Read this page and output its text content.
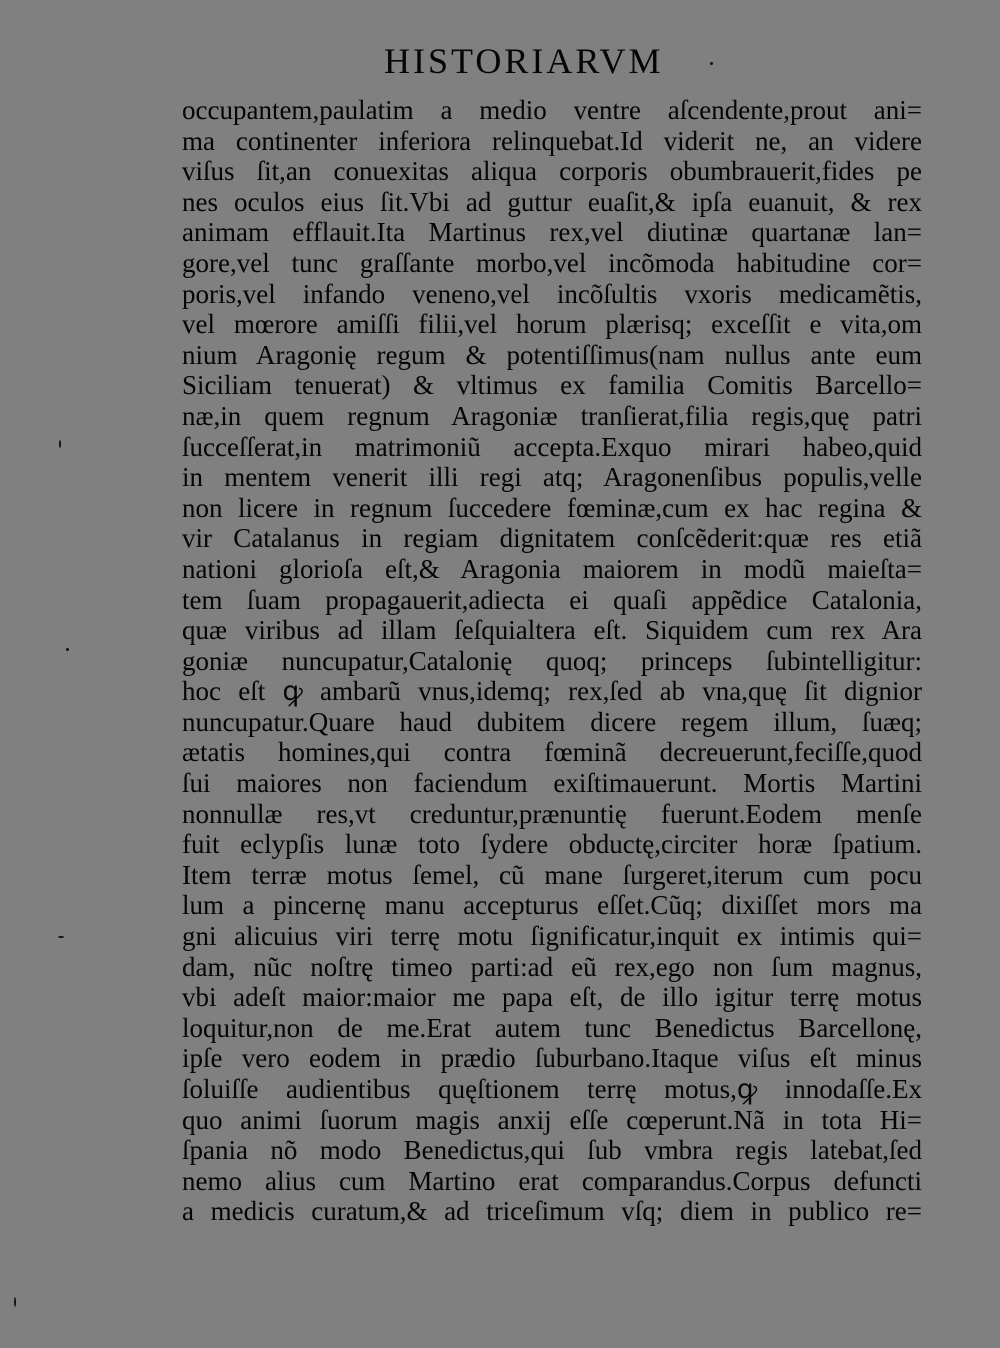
HISTORIARVM
occupantem,paulatim a medio ventre aſcendente,prout ani=
ma continenter inferiora relinquebat.Id viderit ne, an videre
viſus ſit,an conuexitas aliqua corporis obumbrauerit,fides pe
nes oculos eius ſit.Vbi ad guttur euaſit,& ipſa euanuit, & rex
animam efflauit.Ita Martinus rex,vel diutinæ quartanæ lan=
gore,vel tunc graſſante morbo,vel incõmoda habitudine cor=
poris,vel infando veneno,vel incõſultis vxoris medicamẽtis,
vel mœrore amiſſi filii,vel horum plærisq; exceſſit e vita,om
nium Aragonię regum & potentiſſimus(nam nullus ante eum
Siciliam tenuerat) & vltimus ex familia Comitis Barcello=
næ,in quem regnum Aragoniæ tranſierat,filia regis,quę patri
ſucceſſerat,in matrimoniũ accepta.Exquo mirari habeo,quid
in mentem venerit illi regi atq; Aragonenſibus populis,velle
non licere in regnum ſuccedere fœminæ,cum ex hac regina &
vir Catalanus in regiam dignitatem conſcẽderit:quæ res etiã
nationi glorioſa eſt,& Aragonia maiorem in modũ maieſta=
tem ſuam propagauerit,adiecta ei quaſi appẽdice Catalonia,
quæ viribus ad illam ſeſquialtera eſt. Siquidem cum rex Ara
goniæ nuncupatur,Catalonię quoq; princeps ſubintelligitur:
hoc eſt ꝙ ambarũ vnus,idemq; rex,ſed ab vna,quę ſit dignior
nuncupatur.Quare haud dubitem dicere regem illum, ſuæq;
ætatis homines,qui contra fœminã decreuerunt,feciſſe,quod
ſui maiores non faciendum exiſtimauerunt. Mortis Martini
nonnullæ res,vt creduntur,prænuntię fuerunt.Eodem menſe
fuit eclypſis lunæ toto ſydere obductę,circiter horæ ſpatium.
Item terræ motus ſemel, cũ mane ſurgeret,iterum cum pocu
lum a pincernę manu accepturus eſſet.Cũq; dixiſſet mors ma
gni alicuius viri terrę motu ſignificatur,inquit ex intimis qui=
dam, nũc noſtrę timeo parti:ad eũ rex,ego non ſum magnus,
vbi adeſt maior:maior me papa eſt, de illo igitur terrę motus
loquitur,non de me.Erat autem tunc Benedictus Barcellonę,
ipſe vero eodem in prædio ſuburbano.Itaque viſus eſt minus
ſoluiſſe audientibus quęſtionem terrę motus,ꝙ innodaſſe.Ex
quo animi ſuorum magis anxij eſſe cœperunt.Nã in tota Hi=
ſpania nõ modo Benedictus,qui ſub vmbra regis latebat,ſed
nemo alius cum Martino erat comparandus.Corpus defuncti
a medicis curatum,& ad triceſimum vſq; diem in publico re=
